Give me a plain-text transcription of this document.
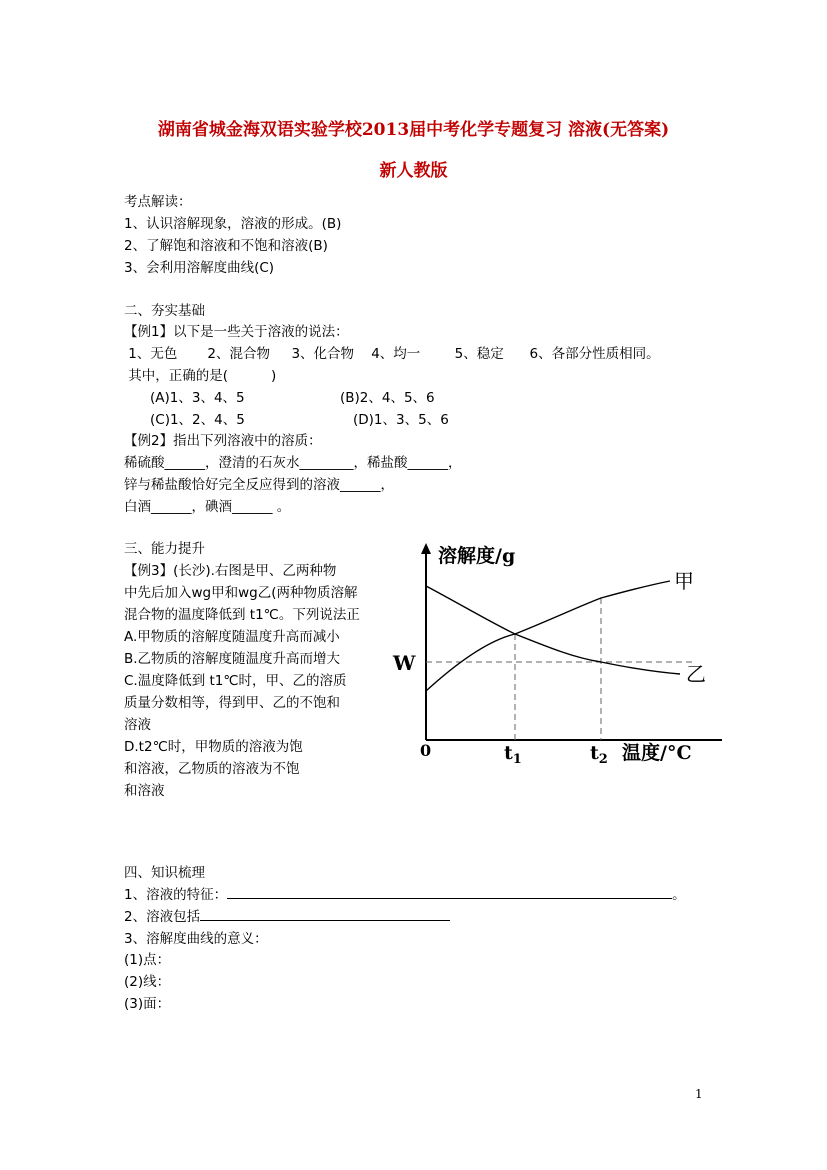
湖南省城金海双语实验学校2013届中考化学专题复习 溶液(无答案)
新人教版
考点解读：
1、认识溶解现象，溶液的形成。(B)
2、了解饱和溶液和不饱和溶液(B)
3、会利用溶解度曲线(C)
二、夯实基础
【例1】以下是一些关于溶液的说法：
1、无色       2、混合物     3、化合物    4、均一        5、稳定      6、各部分性质相同。
其中，正确的是(          )
(A)1、3、4、5	(B)2、4、5、6
(C)1、2、4、5	(D)1、3、5、6
【例2】指出下列溶液中的溶质：
稀硫酸______，澄清的石灰水________，稀盐酸______，
锌与稀盐酸恰好完全反应得到的溶液______，
白酒______，碘酒______ 。
三、能力提升
【例3】(长沙).右图是甲、乙两种物
中先后加入wg甲和wg乙(两种物质溶解
混合物的温度降低到 t1℃。下列说法正
A.甲物质的溶解度随温度升高而减小
B.乙物质的溶解度随温度升高而增大
C.温度降低到 t1℃时，甲、乙的溶质
质量分数相等，得到甲、乙的不饱和
溶液
D.t2℃时，甲物质的溶液为饱
和溶液，乙物质的溶液为不饱
和溶液
溶解度/g
甲
乙
W
0	$t_1$	$t_2$ 温度/°C
四、知识梳理
1、溶液的特征：	。
2、溶液包括
3、溶解度曲线的意义：
(1)点：
(2)线：
(3)面：
1
